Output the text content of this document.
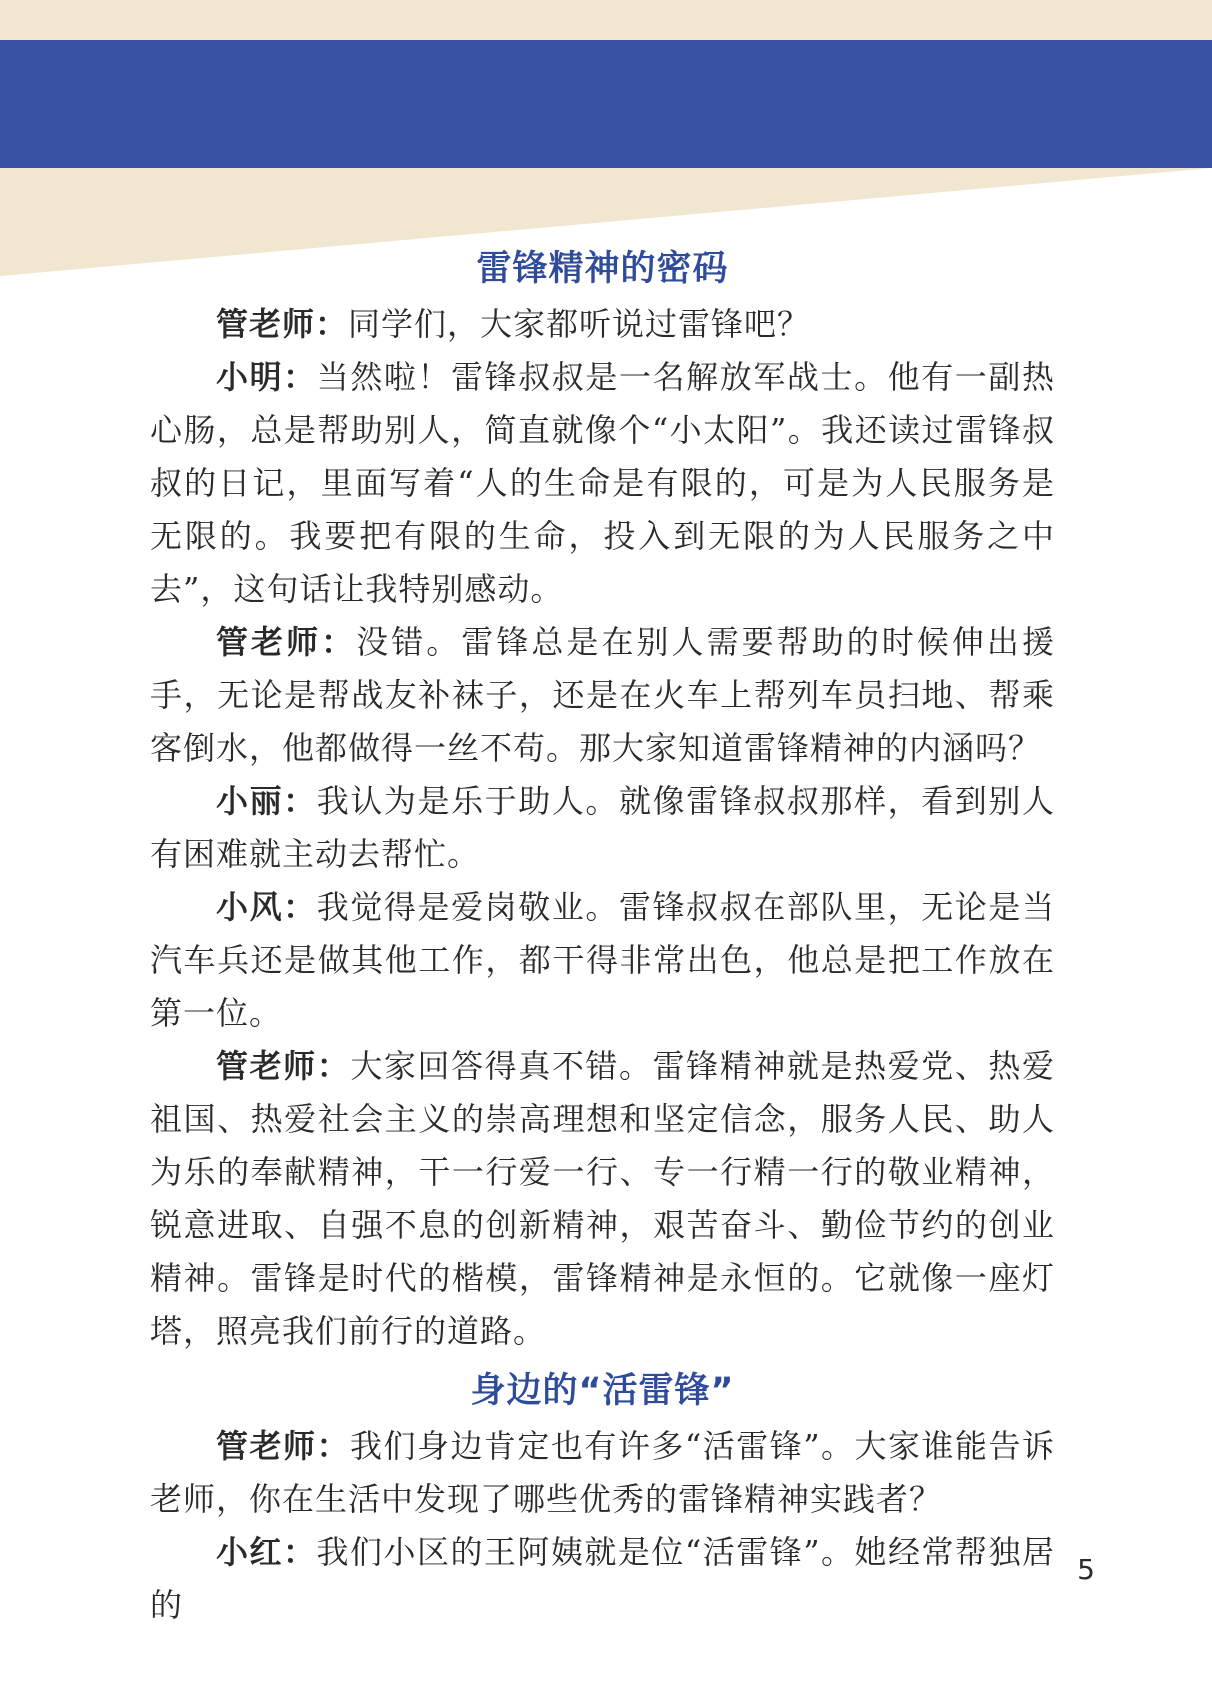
雷锋精神的密码

管老师：同学们，大家都听说过雷锋吧？

小明：当然啦！雷锋叔叔是一名解放军战士。他有一副热心肠，总是帮助别人，简直就像个“小太阳”。我还读过雷锋叔叔的日记，里面写着“人的生命是有限的，可是为人民服务是无限的。我要把有限的生命，投入到无限的为人民服务之中去”，这句话让我特别感动。

管老师：没错。雷锋总是在别人需要帮助的时候伸出援手，无论是帮战友补袜子，还是在火车上帮列车员扫地、帮乘客倒水，他都做得一丝不苟。那大家知道雷锋精神的内涵吗？

小丽：我认为是乐于助人。就像雷锋叔叔那样，看到别人有困难就主动去帮忙。

小风：我觉得是爱岗敬业。雷锋叔叔在部队里，无论是当汽车兵还是做其他工作，都干得非常出色，他总是把工作放在第一位。

管老师：大家回答得真不错。雷锋精神就是热爱党、热爱祖国、热爱社会主义的崇高理想和坚定信念，服务人民、助人为乐的奉献精神，干一行爱一行、专一行精一行的敬业精神，锐意进取、自强不息的创新精神，艰苦奋斗、勤俭节约的创业精神。雷锋是时代的楷模，雷锋精神是永恒的。它就像一座灯塔，照亮我们前行的道路。

身边的“活雷锋”

管老师：我们身边肯定也有许多“活雷锋”。大家谁能告诉老师，你在生活中发现了哪些优秀的雷锋精神实践者？

小红：我们小区的王阿姨就是位“活雷锋”。她经常帮独居的

5
